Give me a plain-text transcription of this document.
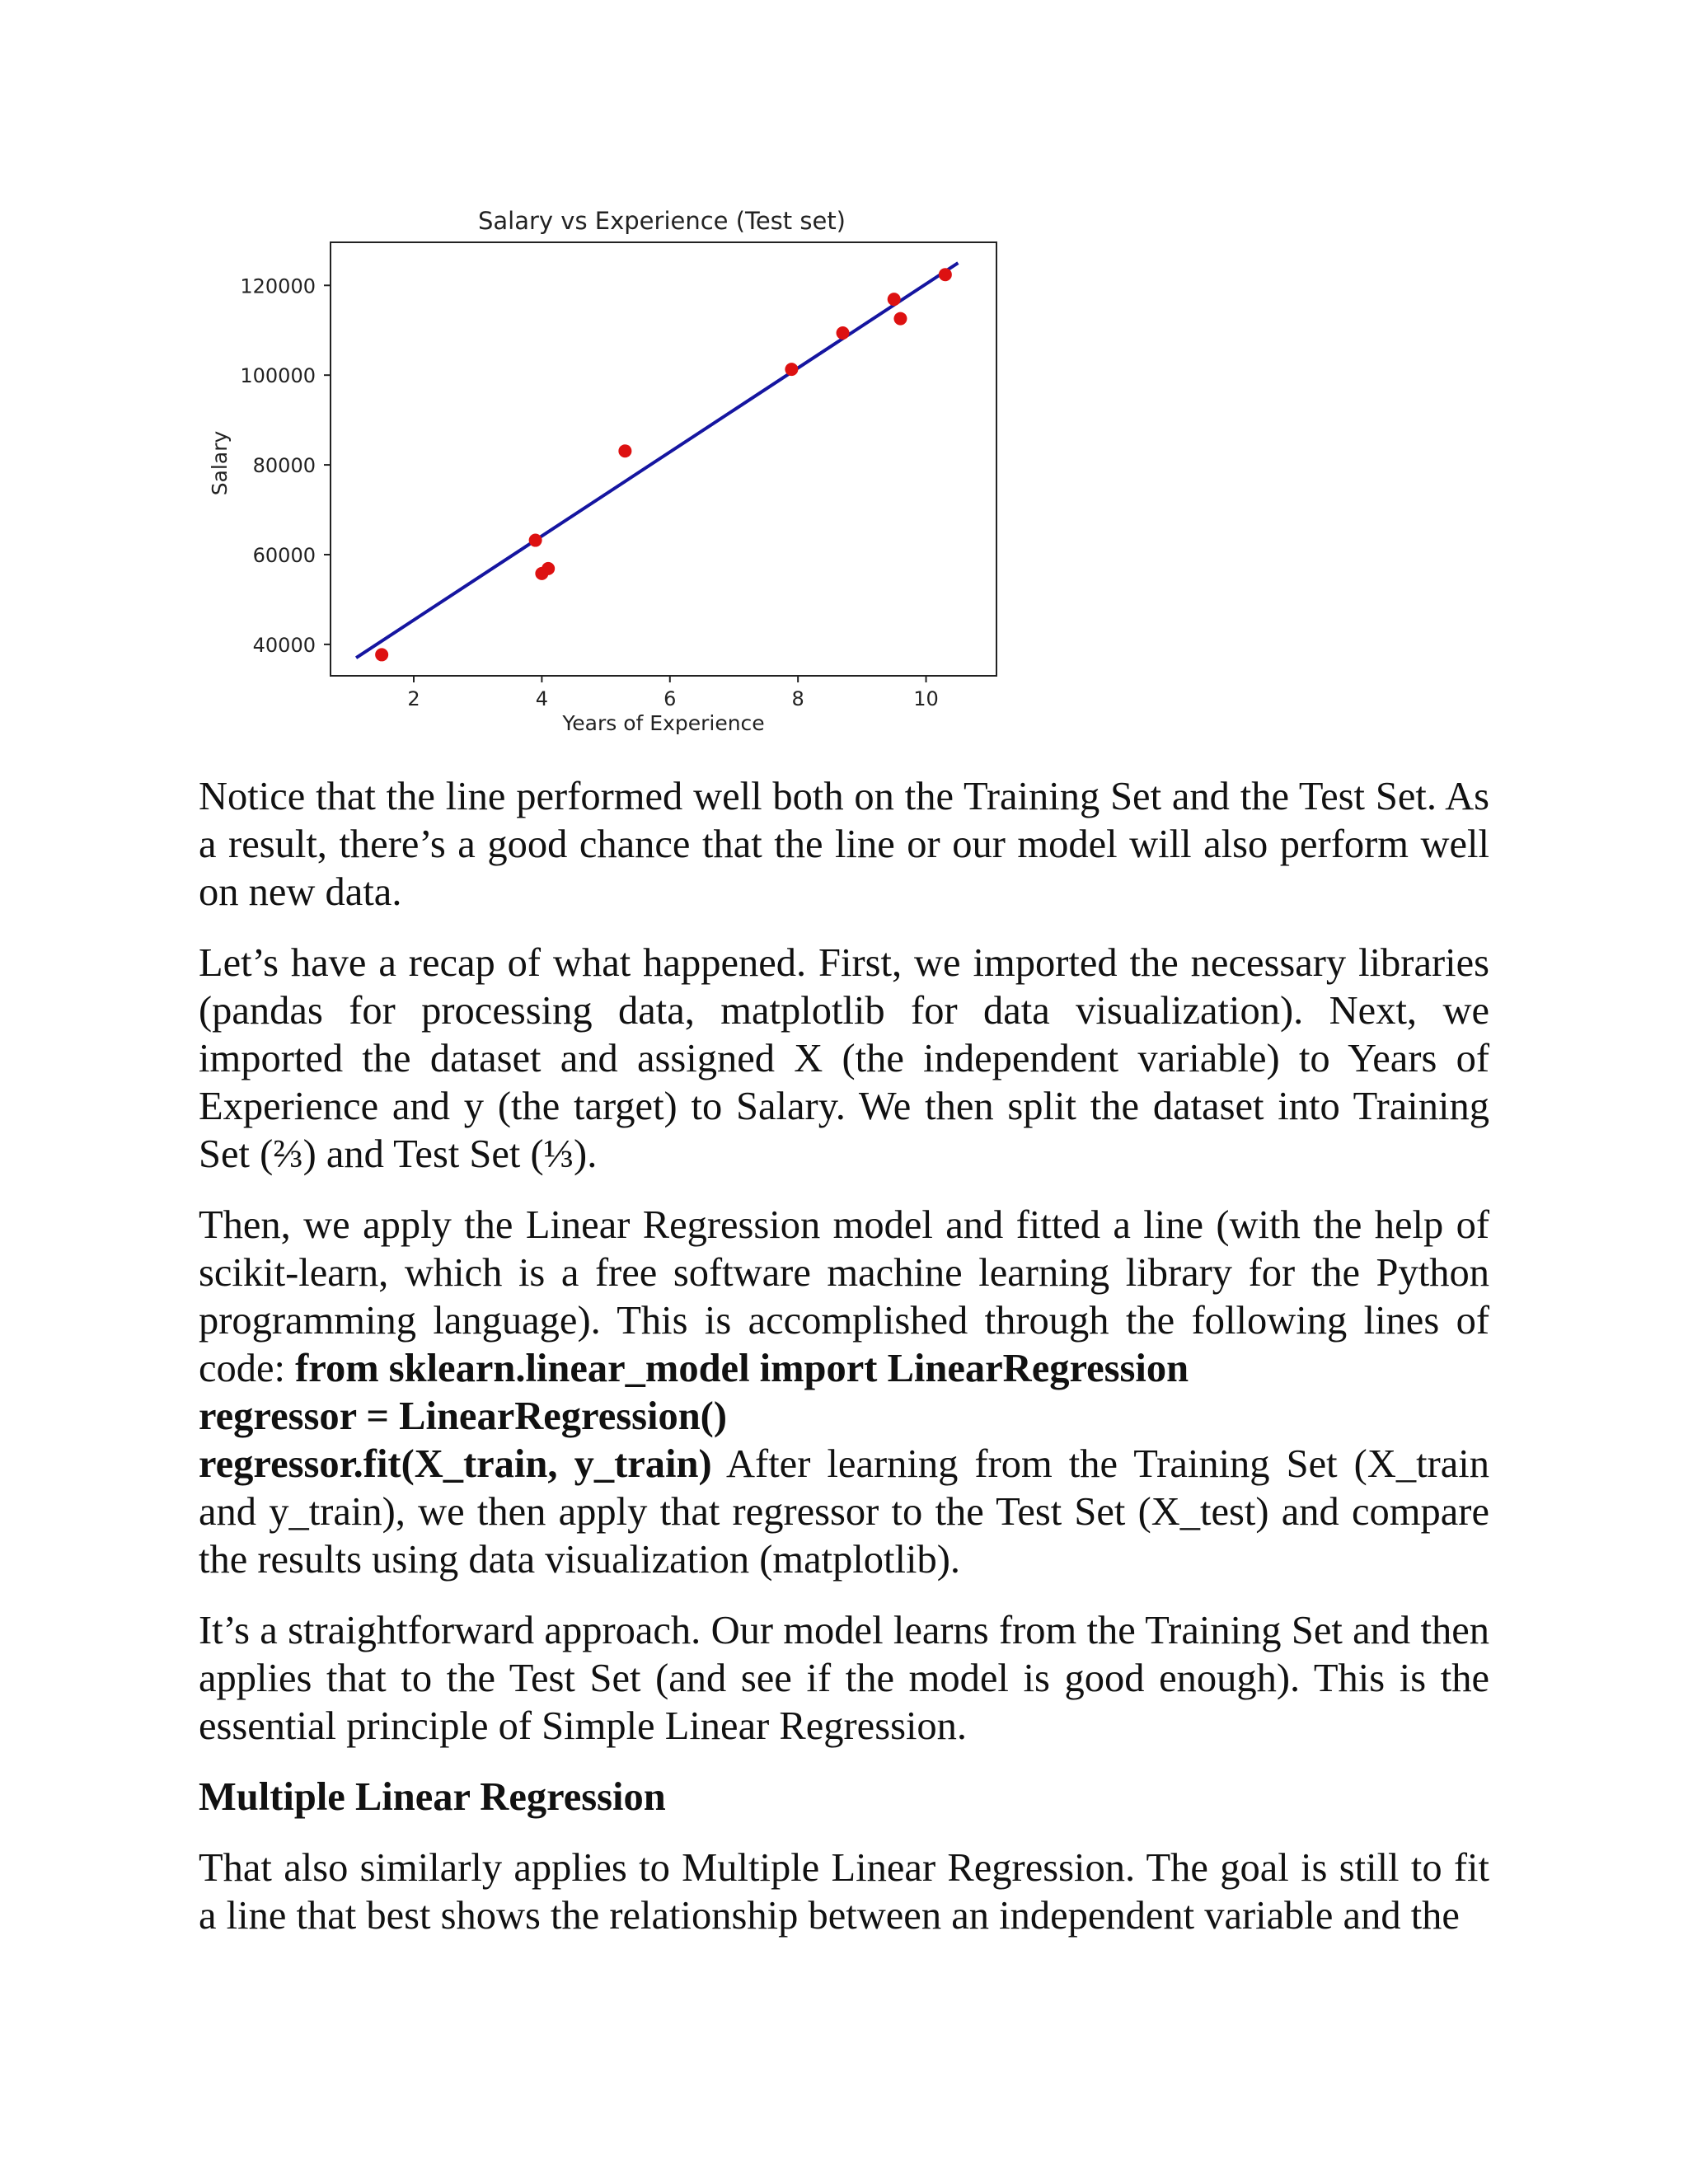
Salary vs Experience (Test set)
2	4	6	8	10
40000
60000
80000
100000
120000
Years of Experience
Salary

Notice that the line performed well both on the Training Set and the Test Set. As a result, there’s a good chance that the line or our model will also perform well on new data.

Let’s have a recap of what happened. First, we imported the necessary libraries (pandas for processing data, matplotlib for data visualization). Next, we imported the dataset and assigned X (the independent variable) to Years of Experience and y (the target) to Salary. We then split the dataset into Training Set (⅔) and Test Set (⅓).

Then, we apply the Linear Regression model and fitted a line (with the help of scikit-learn, which is a free software machine learning library for the Python programming language). This is accomplished through the following lines of code: from sklearn.linear_model import LinearRegression
regressor = LinearRegression()
regressor.fit(X_train, y_train) After learning from the Training Set (X_train and y_train), we then apply that regressor to the Test Set (X_test) and compare the results using data visualization (matplotlib).

It’s a straightforward approach. Our model learns from the Training Set and then applies that to the Test Set (and see if the model is good enough). This is the essential principle of Simple Linear Regression.

Multiple Linear Regression

That also similarly applies to Multiple Linear Regression. The goal is still to fit a line that best shows the relationship between an independent variable and the
